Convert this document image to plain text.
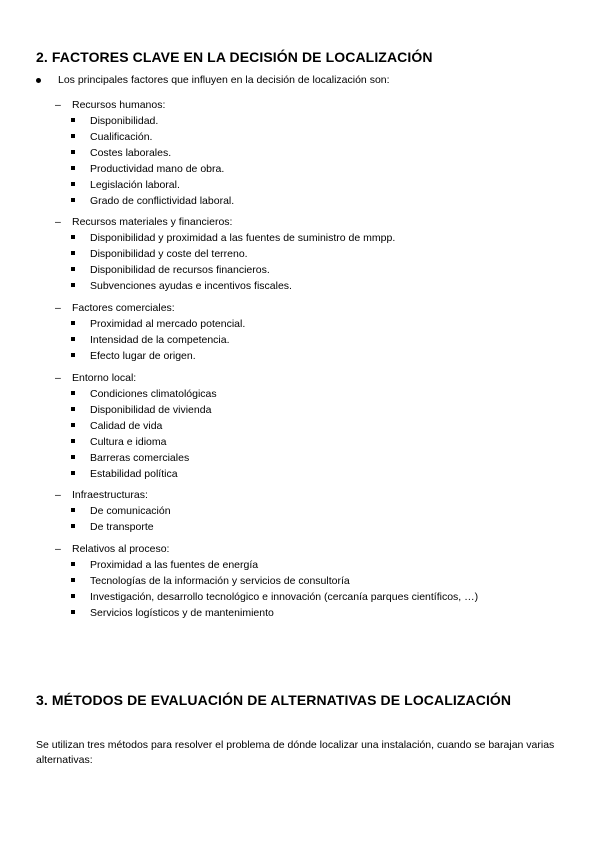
2. FACTORES CLAVE EN LA DECISIÓN DE LOCALIZACIÓN
Los principales factores que influyen en la decisión de localización son:
– Recursos humanos:
Disponibilidad.
Cualificación.
Costes laborales.
Productividad mano de obra.
Legislación laboral.
Grado de conflictividad laboral.
– Recursos materiales y financieros:
Disponibilidad y proximidad a las fuentes de suministro de mmpp.
Disponibilidad y coste del terreno.
Disponibilidad de recursos financieros.
Subvenciones ayudas e incentivos fiscales.
– Factores comerciales:
Proximidad al mercado potencial.
Intensidad de la competencia.
Efecto lugar de origen.
– Entorno local:
Condiciones climatológicas
Disponibilidad de vivienda
Calidad de vida
Cultura e idioma
Barreras comerciales
Estabilidad política
– Infraestructuras:
De comunicación
De transporte
– Relativos al proceso:
Proximidad a las fuentes de energía
Tecnologías de la información y servicios de consultoría
Investigación, desarrollo tecnológico e innovación (cercanía parques científicos, …)
Servicios logísticos y de mantenimiento
3. MÉTODOS DE EVALUACIÓN DE ALTERNATIVAS DE LOCALIZACIÓN
Se utilizan tres métodos para resolver el problema de dónde localizar una instalación, cuando se barajan varias alternativas:
